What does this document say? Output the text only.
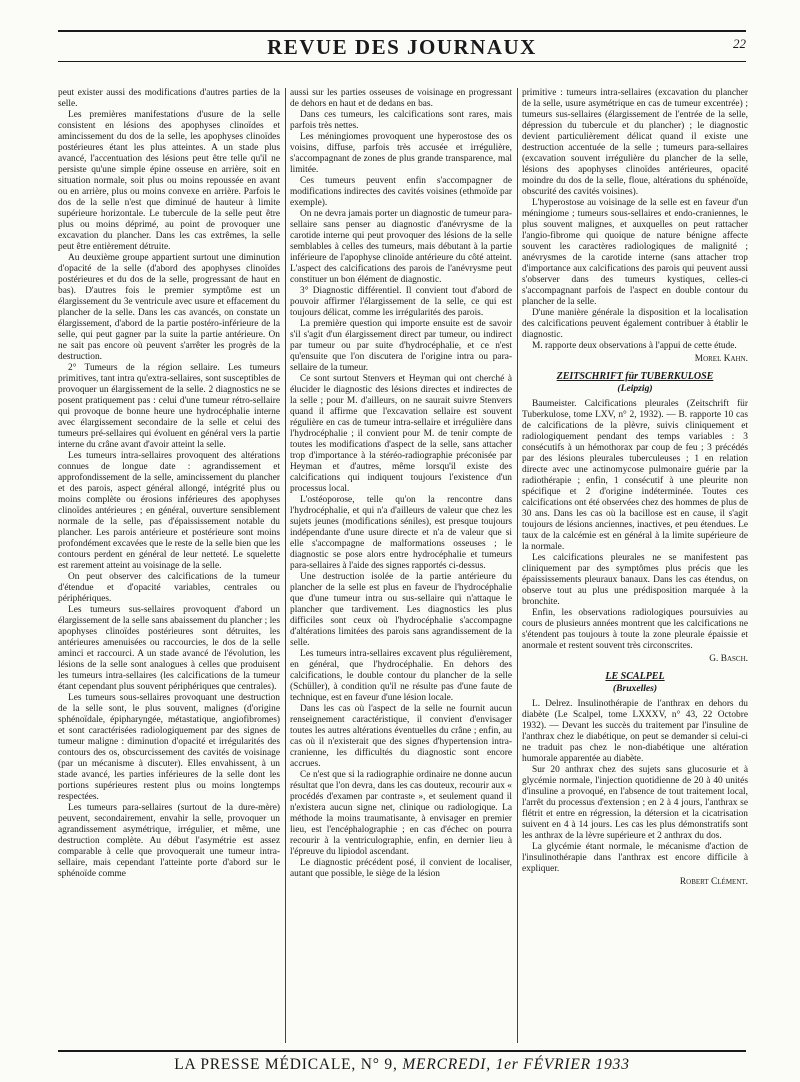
REVUE DES JOURNAUX	22

peut exister aussi des modifications d'autres parties de la selle.

Les premières manifestations d'usure de la selle consistent en lésions des apophyses clinoïdes et amincissement du dos de la selle, les apophyses clinoïdes postérieures étant les plus atteintes. A un stade plus avancé, l'accentuation des lésions peut être telle qu'il ne persiste qu'une simple épine osseuse en arrière, soit en situation normale, soit plus ou moins repoussée en avant ou en arrière, plus ou moins convexe en arrière. Parfois le dos de la selle n'est que diminué de hauteur à limite supérieure horizontale. Le tubercule de la selle peut être plus ou moins déprimé, au point de provoquer une excavation du plancher. Dans les cas extrêmes, la selle peut être entièrement détruite.

Au deuxième groupe appartient surtout une diminution d'opacité de la selle (d'abord des apophyses clinoïdes postérieures et du dos de la selle, progressant de haut en bas). D'autres fois le premier symptôme est un élargissement du 3e ventricule avec usure et effacement du plancher de la selle. Dans les cas avancés, on constate un élargissement, d'abord de la partie postéro-inférieure de la selle, qui peut gagner par la suite la partie antérieure. On ne sait pas encore où peuvent s'arrêter les progrès de la destruction.

2° Tumeurs de la région sellaire. Les tumeurs primitives, tant intra qu'extra-sellaires, sont susceptibles de provoquer un élargissement de la selle. 2 diagnostics ne se posent pratiquement pas : celui d'une tumeur rétro-sellaire qui provoque de bonne heure une hydrocéphalie interne avec élargissement secondaire de la selle et celui des tumeurs pré-sellaires qui évoluent en général vers la partie interne du crâne avant d'avoir atteint la selle.

Les tumeurs intra-sellaires provoquent des altérations connues de longue date : agrandissement et approfondissement de la selle, amincissement du plancher et des parois, aspect général allongé, intégrité plus ou moins complète ou érosions inférieures des apophyses clinoïdes antérieures ; en général, ouverture sensiblement normale de la selle, pas d'épaississement notable du plancher. Les parois antérieure et postérieure sont moins profondément excavées que le reste de la selle bien que les contours perdent en général de leur netteté. Le squelette est rarement atteint au voisinage de la selle.

On peut observer des calcifications de la tumeur d'étendue et d'opacité variables, centrales ou périphériques.

Les tumeurs sus-sellaires provoquent d'abord un élargissement de la selle sans abaissement du plancher ; les apophyses clinoïdes postérieures sont détruites, les antérieures amenuisées ou raccourcies, le dos de la selle aminci et raccourci. A un stade avancé de l'évolution, les lésions de la selle sont analogues à celles que produisent les tumeurs intra-sellaires (les calcifications de la tumeur étant cependant plus souvent périphériques que centrales).

Les tumeurs sous-sellaires provoquant une destruction de la selle sont, le plus souvent, malignes (d'origine sphénoïdale, épipharyngée, métastatique, angiofibromes) et sont caractérisées radiologiquement par des signes de tumeur maligne : diminution d'opacité et irrégularités des contours des os, obscurcissement des cavités de voisinage (par un mécanisme à discuter). Elles envahissent, à un stade avancé, les parties inférieures de la selle dont les portions supérieures restent plus ou moins longtemps respectées.

Les tumeurs para-sellaires (surtout de la dure-mère) peuvent, secondairement, envahir la selle, provoquer un agrandissement asymétrique, irrégulier, et même, une destruction complète. Au début l'asymétrie est assez comparable à celle que provoquerait une tumeur intra-sellaire, mais cependant l'atteinte porte d'abord sur le sphénoïde comme

aussi sur les parties osseuses de voisinage en progressant de dehors en haut et de dedans en bas.

Dans ces tumeurs, les calcifications sont rares, mais parfois très nettes.

Les méningiomes provoquent une hyperostose des os voisins, diffuse, parfois très accusée et irrégulière, s'accompagnant de zones de plus grande transparence, mal limitée.

Ces tumeurs peuvent enfin s'accompagner de modifications indirectes des cavités voisines (ethmoïde par exemple).

On ne devra jamais porter un diagnostic de tumeur para-sellaire sans penser au diagnostic d'anévrysme de la carotide interne qui peut provoquer des lésions de la selle semblables à celles des tumeurs, mais débutant à la partie inférieure de l'apophyse clinoïde antérieure du côté atteint. L'aspect des calcifications des parois de l'anévrysme peut constituer un bon élément de diagnostic.

3° Diagnostic différentiel. Il convient tout d'abord de pouvoir affirmer l'élargissement de la selle, ce qui est toujours délicat, comme les irrégularités des parois.

La première question qui importe ensuite est de savoir s'il s'agit d'un élargissement direct par tumeur, ou indirect par tumeur ou par suite d'hydrocéphalie, et ce n'est qu'ensuite que l'on discutera de l'origine intra ou para-sellaire de la tumeur.

Ce sont surtout Stenvers et Heyman qui ont cherché à élucider le diagnostic des lésions directes et indirectes de la selle ; pour M. d'ailleurs, on ne saurait suivre Stenvers quand il affirme que l'excavation sellaire est souvent régulière en cas de tumeur intra-sellaire et irrégulière dans l'hydrocéphalie ; il convient pour M. de tenir compte de toutes les modifications d'aspect de la selle, sans attacher trop d'importance à la stéréo-radiographie préconisée par Heyman et d'autres, même lorsqu'il existe des calcifications qui indiquent toujours l'existence d'un processus local.

L'ostéoporose, telle qu'on la rencontre dans l'hydrocéphalie, et qui n'a d'ailleurs de valeur que chez les sujets jeunes (modifications séniles), est presque toujours indépendante d'une usure directe et n'a de valeur que si elle s'accompagne de malformations osseuses ; le diagnostic se pose alors entre hydrocéphalie et tumeurs para-sellaires à l'aide des signes rapportés ci-dessus.

Une destruction isolée de la partie antérieure du plancher de la selle est plus en faveur de l'hydrocéphalie que d'une tumeur intra ou sus-sellaire qui n'attaque le plancher que tardivement. Les diagnostics les plus difficiles sont ceux où l'hydrocéphalie s'accompagne d'altérations limitées des parois sans agrandissement de la selle.

Les tumeurs intra-sellaires excavent plus régulièrement, en général, que l'hydrocéphalie. En dehors des calcifications, le double contour du plancher de la selle (Schüller), à condition qu'il ne résulte pas d'une faute de technique, est en faveur d'une lésion locale.

Dans les cas où l'aspect de la selle ne fournit aucun renseignement caractéristique, il convient d'envisager toutes les autres altérations éventuelles du crâne ; enfin, au cas où il n'existerait que des signes d'hypertension intra-cranienne, les difficultés du diagnostic sont encore accrues.

Ce n'est que si la radiographie ordinaire ne donne aucun résultat que l'on devra, dans les cas douteux, recourir aux « procédés d'examen par contraste », et seulement quand il n'existera aucun signe net, clinique ou radiologique. La méthode la moins traumatisante, à envisager en premier lieu, est l'encéphalographie ; en cas d'échec on pourra recourir à la ventriculographie, enfin, en dernier lieu à l'épreuve du lipiodol ascendant.

Le diagnostic précédent posé, il convient de localiser, autant que possible, le siège de la lésion

primitive : tumeurs intra-sellaires (excavation du plancher de la selle, usure asymétrique en cas de tumeur excentrée) ; tumeurs sus-sellaires (élargissement de l'entrée de la selle, dépression du tubercule et du plancher) ; le diagnostic devient particulièrement délicat quand il existe une destruction accentuée de la selle ; tumeurs para-sellaires (excavation souvent irrégulière du plancher de la selle, lésions des apophyses clinoïdes antérieures, opacité moindre du dos de la selle, floue, altérations du sphénoïde, obscurité des cavités voisines).

L'hyperostose au voisinage de la selle est en faveur d'un méningiome ; tumeurs sous-sellaires et endo-craniennes, le plus souvent malignes, et auxquelles on peut rattacher l'angio-fibrome qui quoique de nature bénigne affecte souvent les caractères radiologiques de malignité ; anévrysmes de la carotide interne (sans attacher trop d'importance aux calcifications des parois qui peuvent aussi s'observer dans des tumeurs kystiques, celles-ci s'accompagnant parfois de l'aspect en double contour du plancher de la selle.

D'une manière générale la disposition et la localisation des calcifications peuvent également contribuer à établir le diagnostic.

M. rapporte deux observations à l'appui de cette étude.

Morel Kahn.
ZEITSCHRIFT für TUBERKULOSE
(Leipzig)

Baumeister. Calcifications pleurales (Zeitschrift für Tuberkulose, tome LXV, n° 2, 1932). — B. rapporte 10 cas de calcifications de la plèvre, suivis cliniquement et radiologiquement pendant des temps variables : 3 consécutifs à un hémothorax par coup de feu ; 3 précédés par des lésions pleurales tuberculeuses ; 1 en relation directe avec une actinomycose pulmonaire guérie par la radiothérapie ; enfin, 1 consécutif à une pleurite non spécifique et 2 d'origine indéterminée. Toutes ces calcifications ont été observées chez des hommes de plus de 30 ans. Dans les cas où la bacillose est en cause, il s'agit toujours de lésions anciennes, inactives, et peu étendues. Le taux de la calcémie est en général à la limite supérieure de la normale.

Les calcifications pleurales ne se manifestent pas cliniquement par des symptômes plus précis que les épaississements pleuraux banaux. Dans les cas étendus, on observe tout au plus une prédisposition marquée à la bronchite.

Enfin, les observations radiologiques poursuivies au cours de plusieurs années montrent que les calcifications ne s'étendent pas toujours à toute la zone pleurale épaissie et anormale et restent souvent très circonscrites.

G. Basch.
LE SCALPEL
(Bruxelles)

L. Delrez. Insulinothérapie de l'anthrax en dehors du diabète (Le Scalpel, tome LXXXV, n° 43, 22 Octobre 1932). — Devant les succès du traitement par l'insuline de l'anthrax chez le diabétique, on peut se demander si celui-ci ne traduit pas chez le non-diabétique une altération humorale apparentée au diabète.

Sur 20 anthrax chez des sujets sans glucosurie et à glycémie normale, l'injection quotidienne de 20 à 40 unités d'insuline a provoqué, en l'absence de tout traitement local, l'arrêt du processus d'extension ; en 2 à 4 jours, l'anthrax se flétrit et entre en régression, la détersion et la cicatrisation suivent en 4 à 14 jours. Les cas les plus démonstratifs sont les anthrax de la lèvre supérieure et 2 anthrax du dos.

La glycémie étant normale, le mécanisme d'action de l'insulinothérapie dans l'anthrax est encore difficile à expliquer.

Robert Clément.
LA PRESSE MÉDICALE, N° 9, MERCREDI, 1er FÉVRIER 1933
